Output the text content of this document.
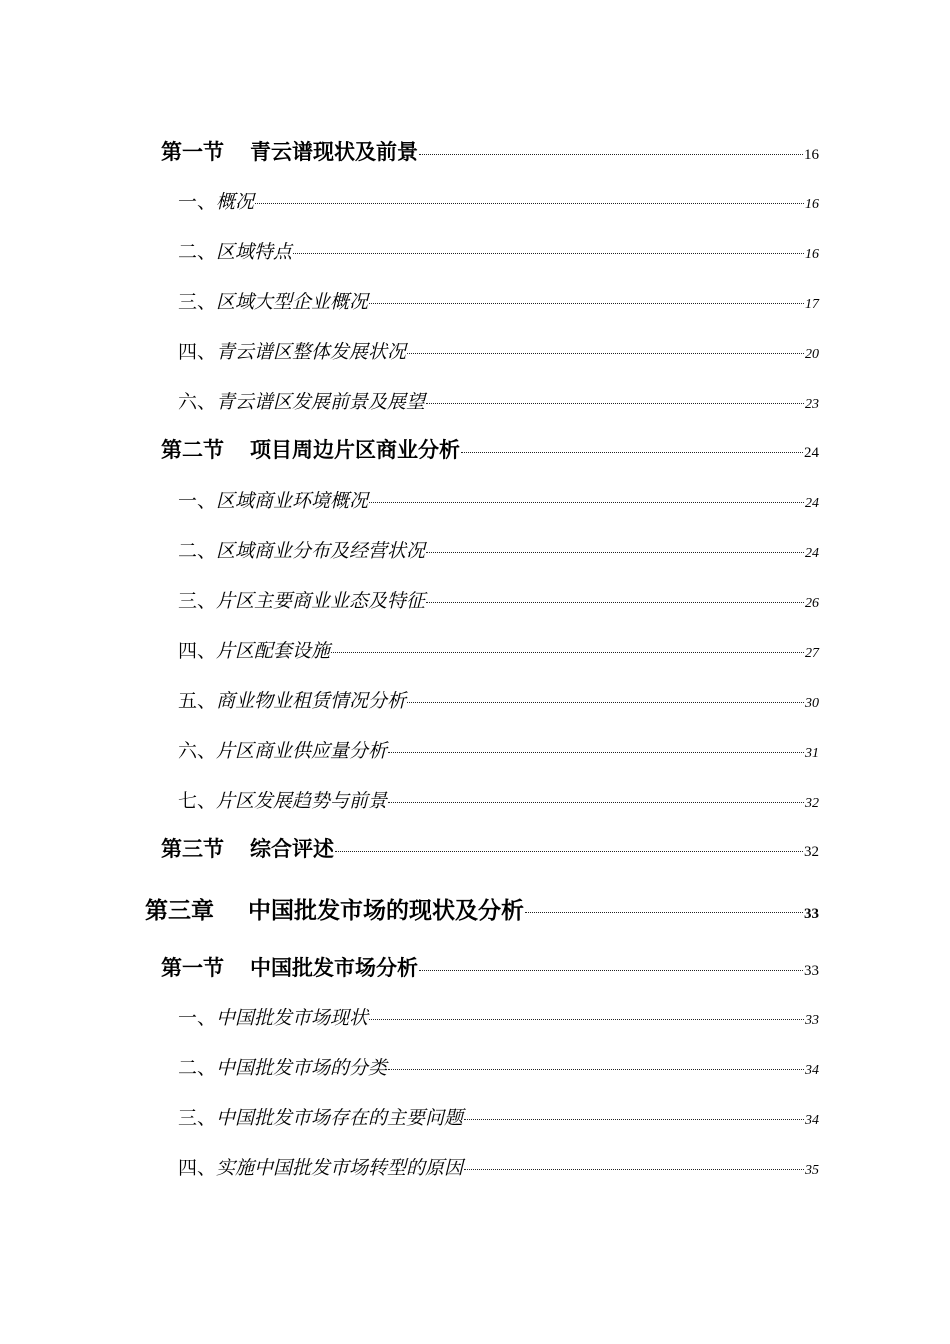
第一节 青云谱现状及前景	16
一、概况	16
二、区域特点	16
三、区域大型企业概况	17
四、青云谱区整体发展状况	20
六、青云谱区发展前景及展望	23
第二节 项目周边片区商业分析	24
一、区域商业环境概况	24
二、区域商业分布及经营状况	24
三、片区主要商业业态及特征	26
四、片区配套设施	27
五、商业物业租赁情况分析	30
六、片区商业供应量分析	31
七、片区发展趋势与前景	32
第三节 综合评述	32
第三章 中国批发市场的现状及分析	33
第一节 中国批发市场分析	33
一、中国批发市场现状	33
二、中国批发市场的分类	34
三、中国批发市场存在的主要问题	34
四、实施中国批发市场转型的原因	35
